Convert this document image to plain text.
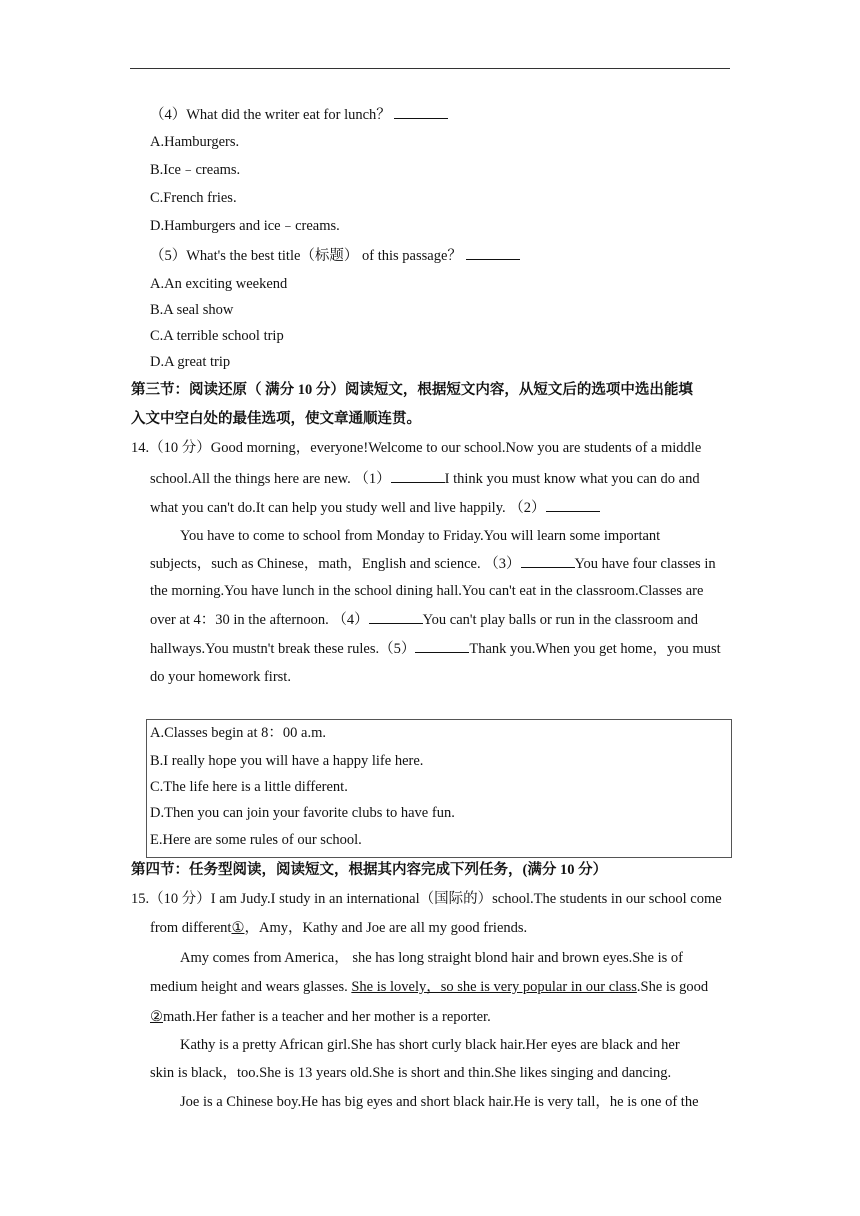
（4）What did the writer eat for lunch？
A.Hamburgers.
B.Ice﹣creams.
C.French fries.
D.Hamburgers and ice﹣creams.
（5）What's the best title（标题） of this passage？
A.An exciting weekend
B.A seal show
C.A terrible school trip
D.A great trip
第三节：阅读还原（ 满分 10 分）阅读短文，根据短文内容，从短文后的选项中选出能填
入文中空白处的最佳选项，使文章通顺连贯。
14.（10 分）Good morning，everyone!Welcome to our school.Now you are students of a middle
school.All the things here are new. （1）	I think you must know what you can do and
what you can't do.It can help you study well and live happily. （2）
You have to come to school from Monday to Friday.You will learn some important
subjects，such as Chinese，math，English and science. （3）	You have four classes in
the morning.You have lunch in the school dining hall.You can't eat in the classroom.Classes are
over at 4：30 in the afternoon. （4）	You can't play balls or run in the classroom and
hallways.You mustn't break these rules.（5）	Thank you.When you get home，you must
do your homework first.
A.Classes begin at 8：00 a.m.
B.I really hope you will have a happy life here.
C.The life here is a little different.
D.Then you can join your favorite clubs to have fun.
E.Here are some rules of our school.
第四节：任务型阅读，阅读短文，根据其内容完成下列任务，(满分 10 分）
15.（10 分）I am Judy.I study in an international（国际的）school.The students in our school come
from different①，Amy，Kathy and Joe are all my good friends.
Amy comes from America， she has long straight blond hair and brown eyes.She is of
medium height and wears glasses. She is lovely，so she is very popular in our class.She is good
②math.Her father is a teacher and her mother is a reporter.
Kathy is a pretty African girl.She has short curly black hair.Her eyes are black and her
skin is black，too.She is 13 years old.She is short and thin.She likes singing and dancing.
Joe is a Chinese boy.He has big eyes and short black hair.He is very tall，he is one of the
